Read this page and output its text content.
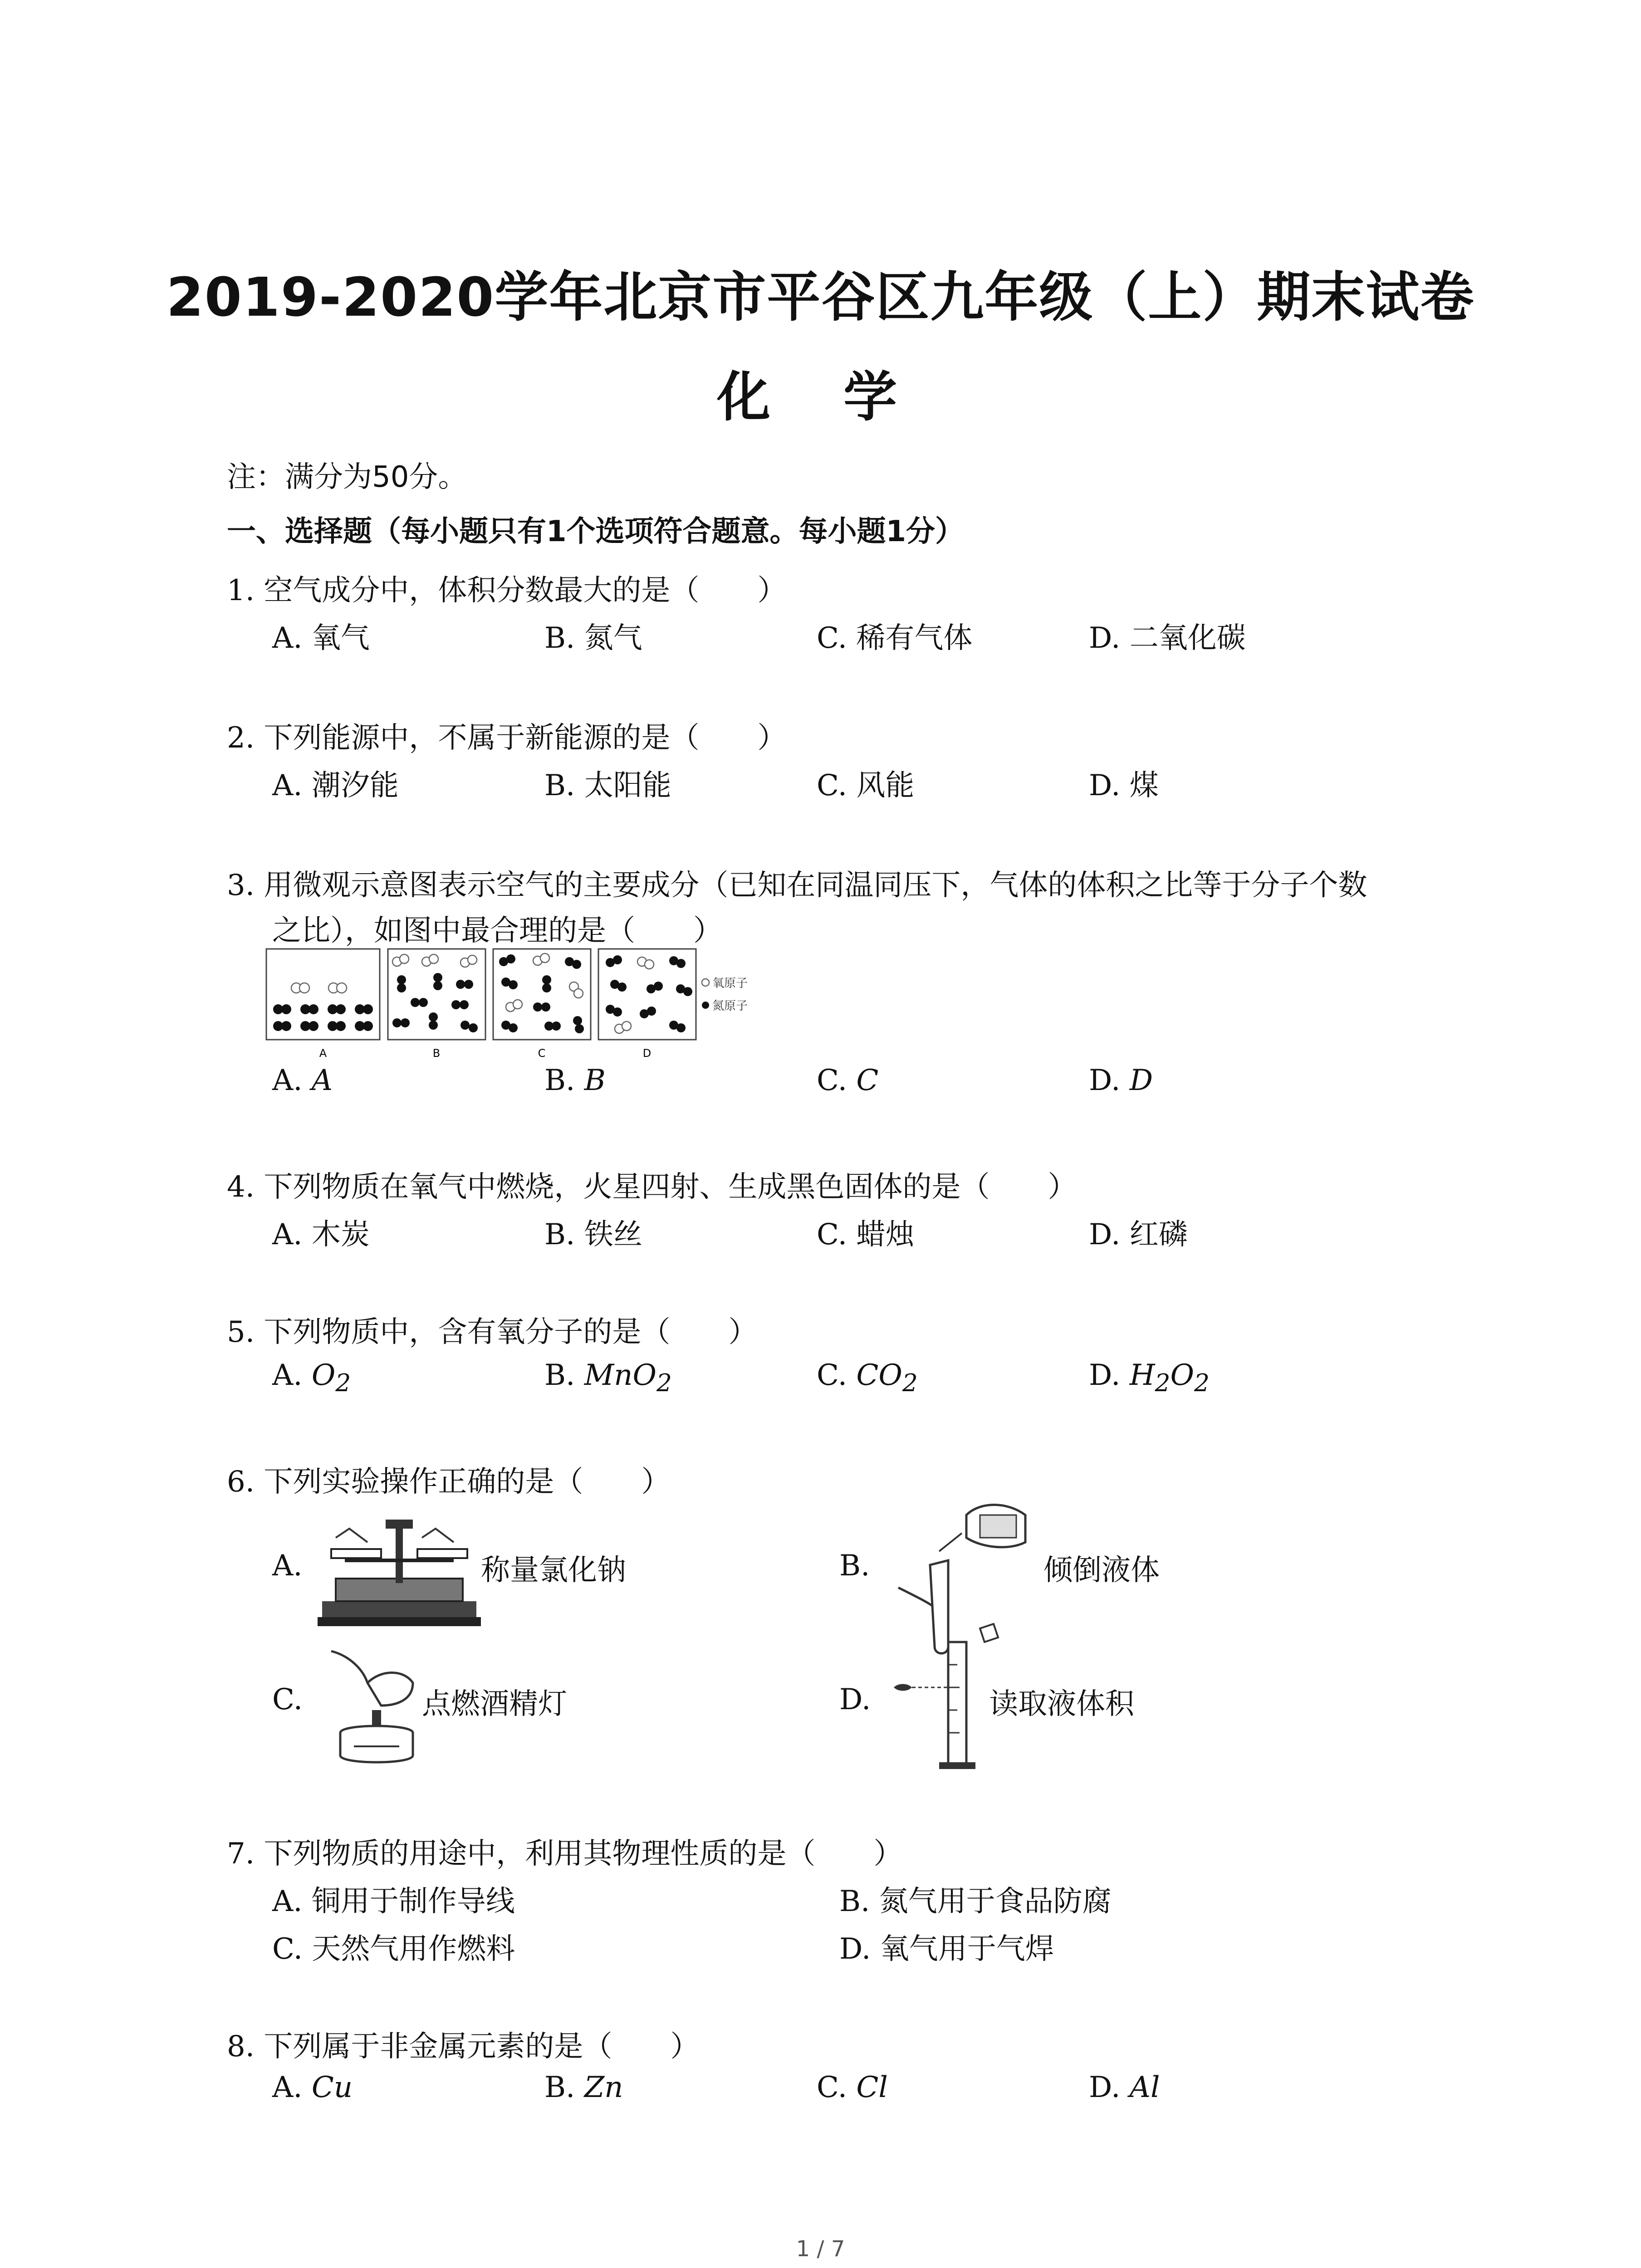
2019-2020学年北京市平谷区九年级（上）期末试卷
化 学
注：满分为50分。
一、选择题（每小题只有1个选项符合题意。每小题1分）
1. 空气成分中，体积分数最大的是（　　）
A. 氧气	B. 氮气	C. 稀有气体	D. 二氧化碳
2. 下列能源中，不属于新能源的是（　　）
A. 潮汐能	B. 太阳能	C. 风能	D. 煤
3. 用微观示意图表示空气的主要成分（已知在同温同压下，气体的体积之比等于分子个数
之比），如图中最合理的是（　　）
氧原子
氮原子
A	B	C	D
A. A	B. B	C. C	D. D
4. 下列物质在氧气中燃烧，火星四射、生成黑色固体的是（　　）
A. 木炭	B. 铁丝	C. 蜡烛	D. 红磷
5. 下列物质中，含有氧分子的是（　　）
A. $O_2$	B. MnO$_2$	C. $CO_2$	D. $H_2O_2$
6. 下列实验操作正确的是（　　）
A.	称量氯化钠	B.	倾倒液体
C.	点燃酒精灯	D.	读取液体积
7. 下列物质的用途中，利用其物理性质的是（　　）
A. 铜用于制作导线	B. 氮气用于食品防腐
C. 天然气用作燃料	D. 氧气用于气焊
8. 下列属于非金属元素的是（　　）
A. Cu	B. Zn	C. Cl	D. Al
1 / 7
